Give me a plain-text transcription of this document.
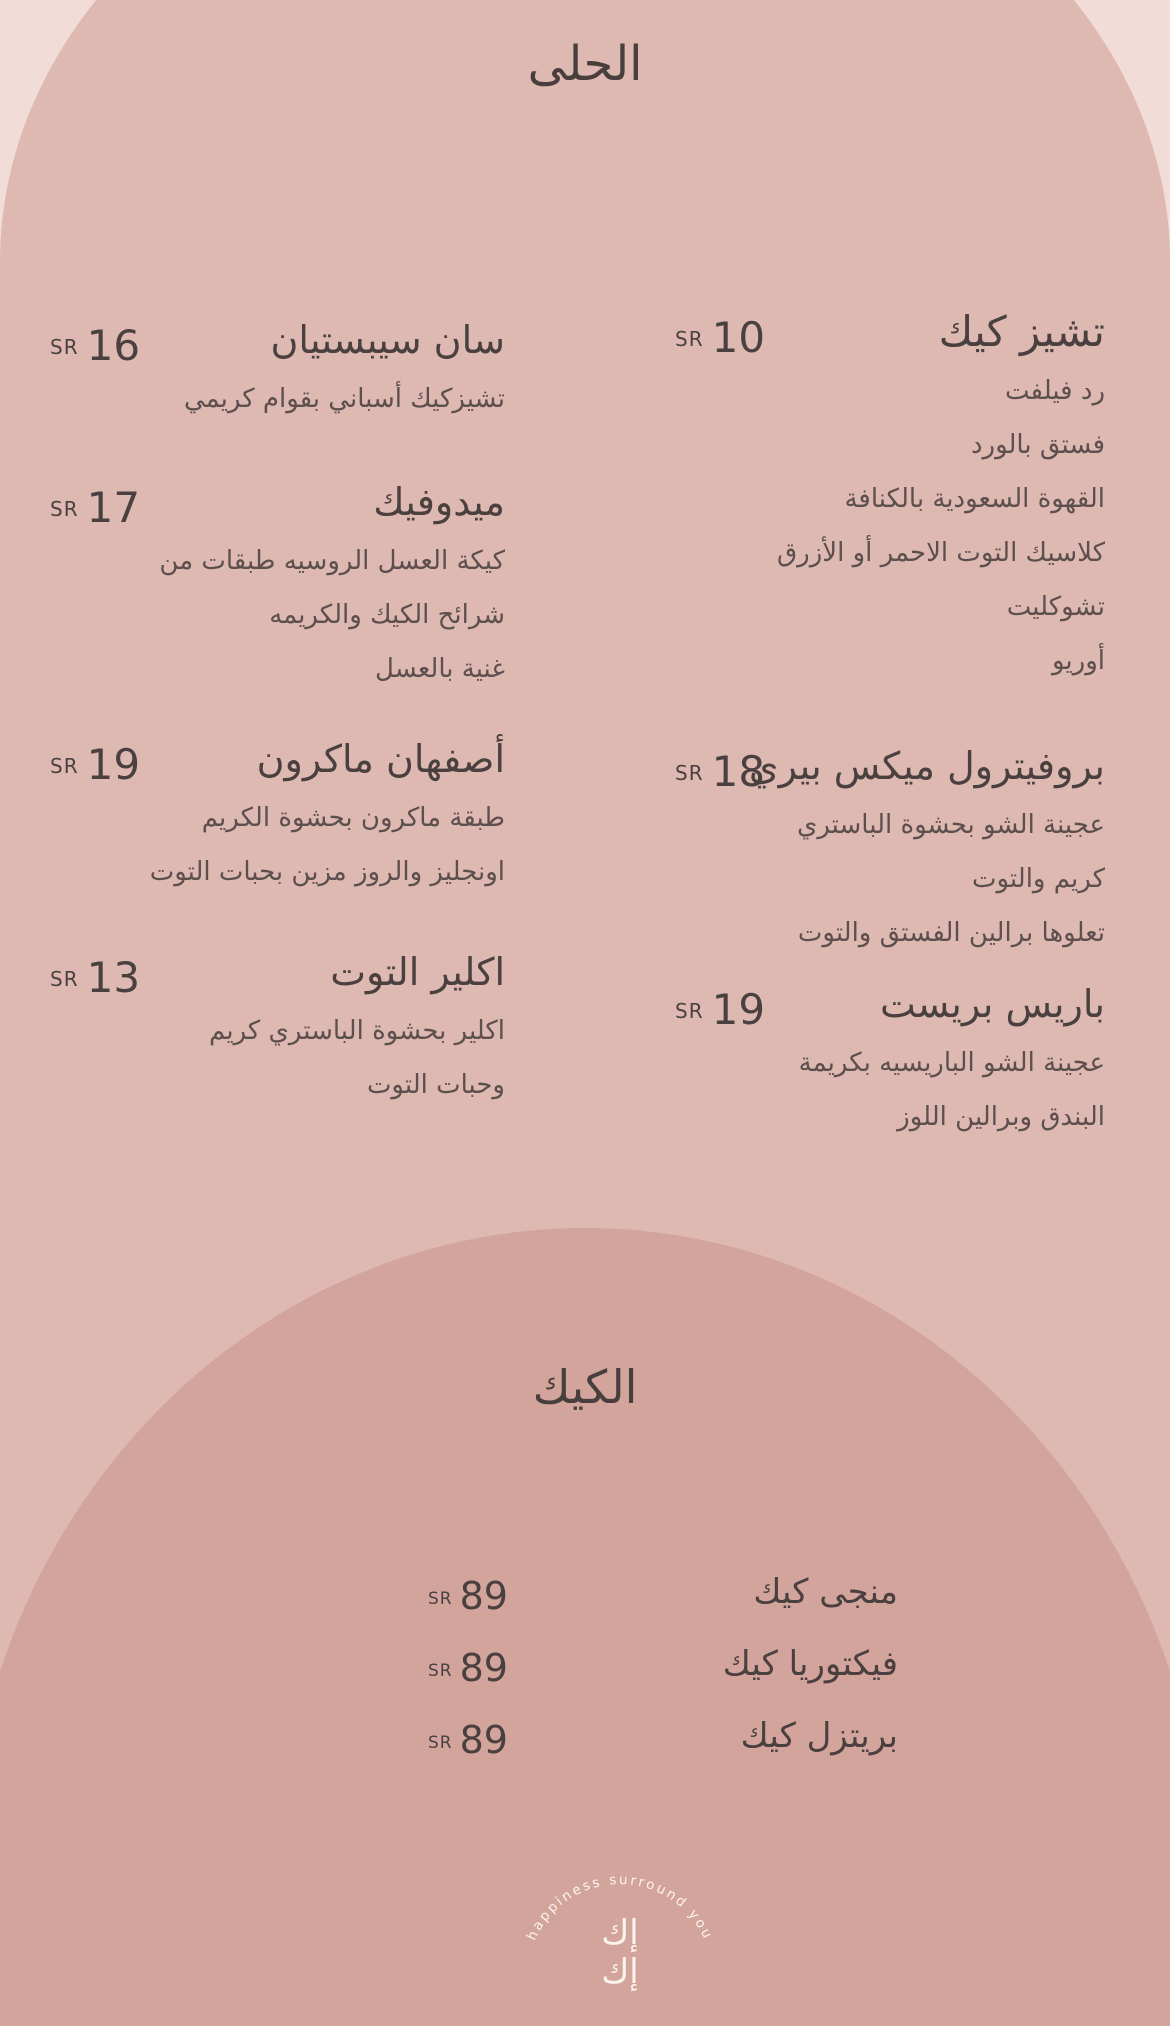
الحلى
تشيز كيك
SR 10
رد فيلفت
فستق بالورد
القهوة السعودية بالكنافة
كلاسيك التوت الاحمر أو الأزرق
تشوكليت
أوريو
بروفيترول ميكس بيري
SR 18
عجينة الشو بحشوة الباستري
كريم والتوت
تعلوها برالين الفستق والتوت
باريس بريست
SR 19
عجينة الشو الباريسيه بكريمة
البندق وبرالين اللوز
سان سيبستيان
SR 16
تشيزكيك أسباني بقوام كريمي
ميدوفيك
SR 17
كيكة العسل الروسيه طبقات من
شرائح الكيك والكريمه
غنية بالعسل
أصفهان ماكرون
SR 19
طبقة ماكرون بحشوة الكريم
اونجليز والروز مزين بحبات التوت
اكلير التوت
SR 13
اكلير بحشوة الباستري كريم
وحبات التوت
الكيك
منجى كيك
SR 89
فيكتوريا كيك
SR 89
بريتزل كيك
SR 89
happiness surround you
إك
إك
